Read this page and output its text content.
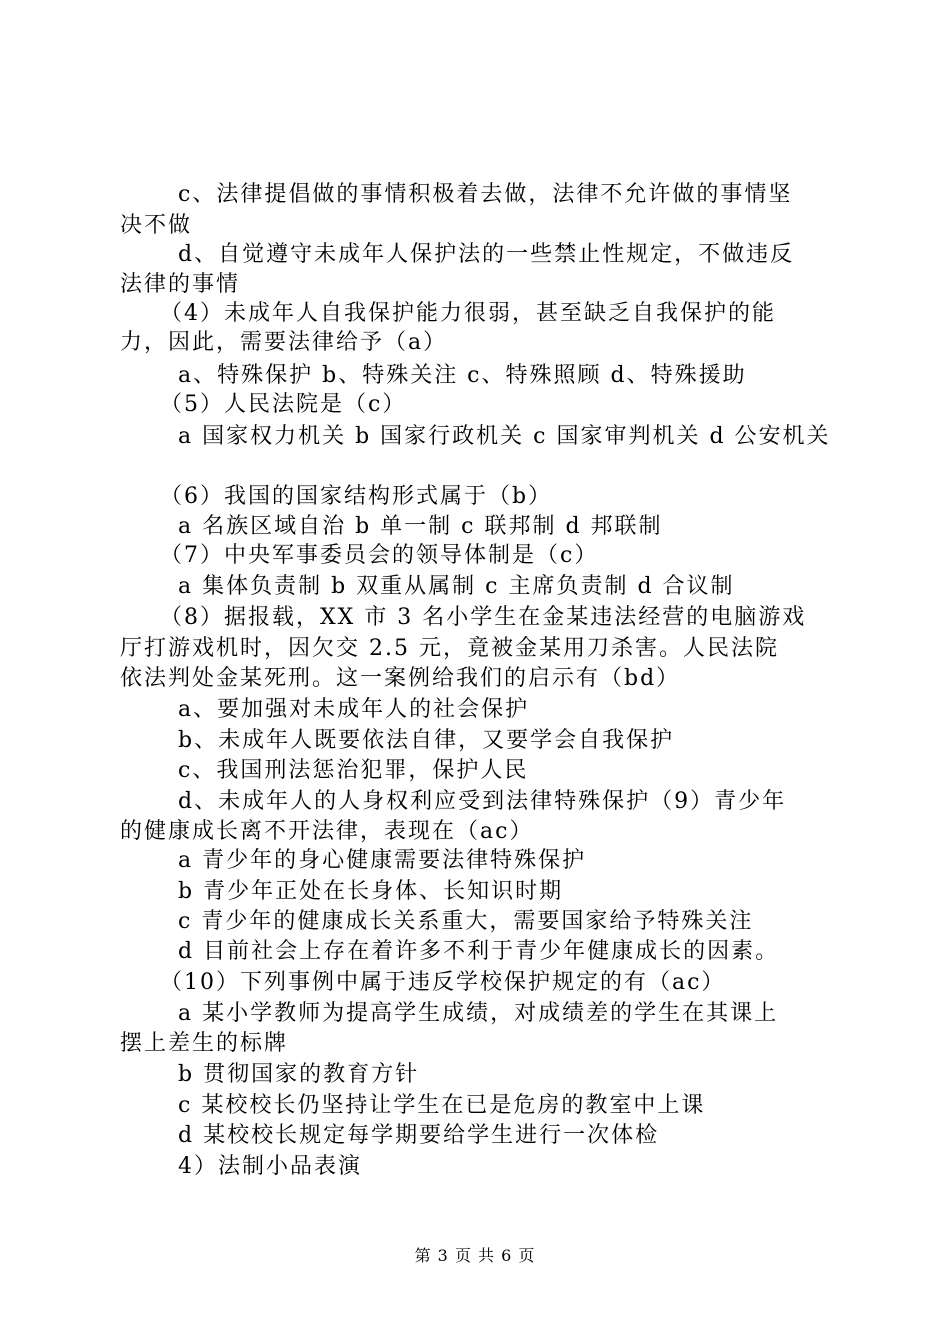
c、法律提倡做的事情积极着去做，法律不允许做的事情坚
决不做
d、自觉遵守未成年人保护法的一些禁止性规定，不做违反
法律的事情
（4）未成年人自我保护能力很弱，甚至缺乏自我保护的能
力，因此，需要法律给予（a）
a、特殊保护 b、特殊关注 c、特殊照顾 d、特殊援助
（5）人民法院是（c）
a 国家权力机关 b 国家行政机关 c 国家审判机关 d 公安机关
（6）我国的国家结构形式属于（b）
a 名族区域自治 b 单一制 c 联邦制 d 邦联制
（7）中央军事委员会的领导体制是（c）
a 集体负责制 b 双重从属制 c 主席负责制 d 合议制
（8）据报载，XX 市 3 名小学生在金某违法经营的电脑游戏
厅打游戏机时，因欠交 2.5 元，竟被金某用刀杀害。人民法院
依法判处金某死刑。这一案例给我们的启示有（bd）
a、要加强对未成年人的社会保护
b、未成年人既要依法自律，又要学会自我保护
c、我国刑法惩治犯罪，保护人民
d、未成年人的人身权利应受到法律特殊保护（9）青少年
的健康成长离不开法律，表现在（ac）
a 青少年的身心健康需要法律特殊保护
b 青少年正处在长身体、长知识时期
c 青少年的健康成长关系重大，需要国家给予特殊关注
d 目前社会上存在着许多不利于青少年健康成长的因素。
（10）下列事例中属于违反学校保护规定的有（ac）
a 某小学教师为提高学生成绩，对成绩差的学生在其课上
摆上差生的标牌
b 贯彻国家的教育方针
c 某校校长仍坚持让学生在已是危房的教室中上课
d 某校校长规定每学期要给学生进行一次体检
4）法制小品表演
第 3 页 共 6 页
